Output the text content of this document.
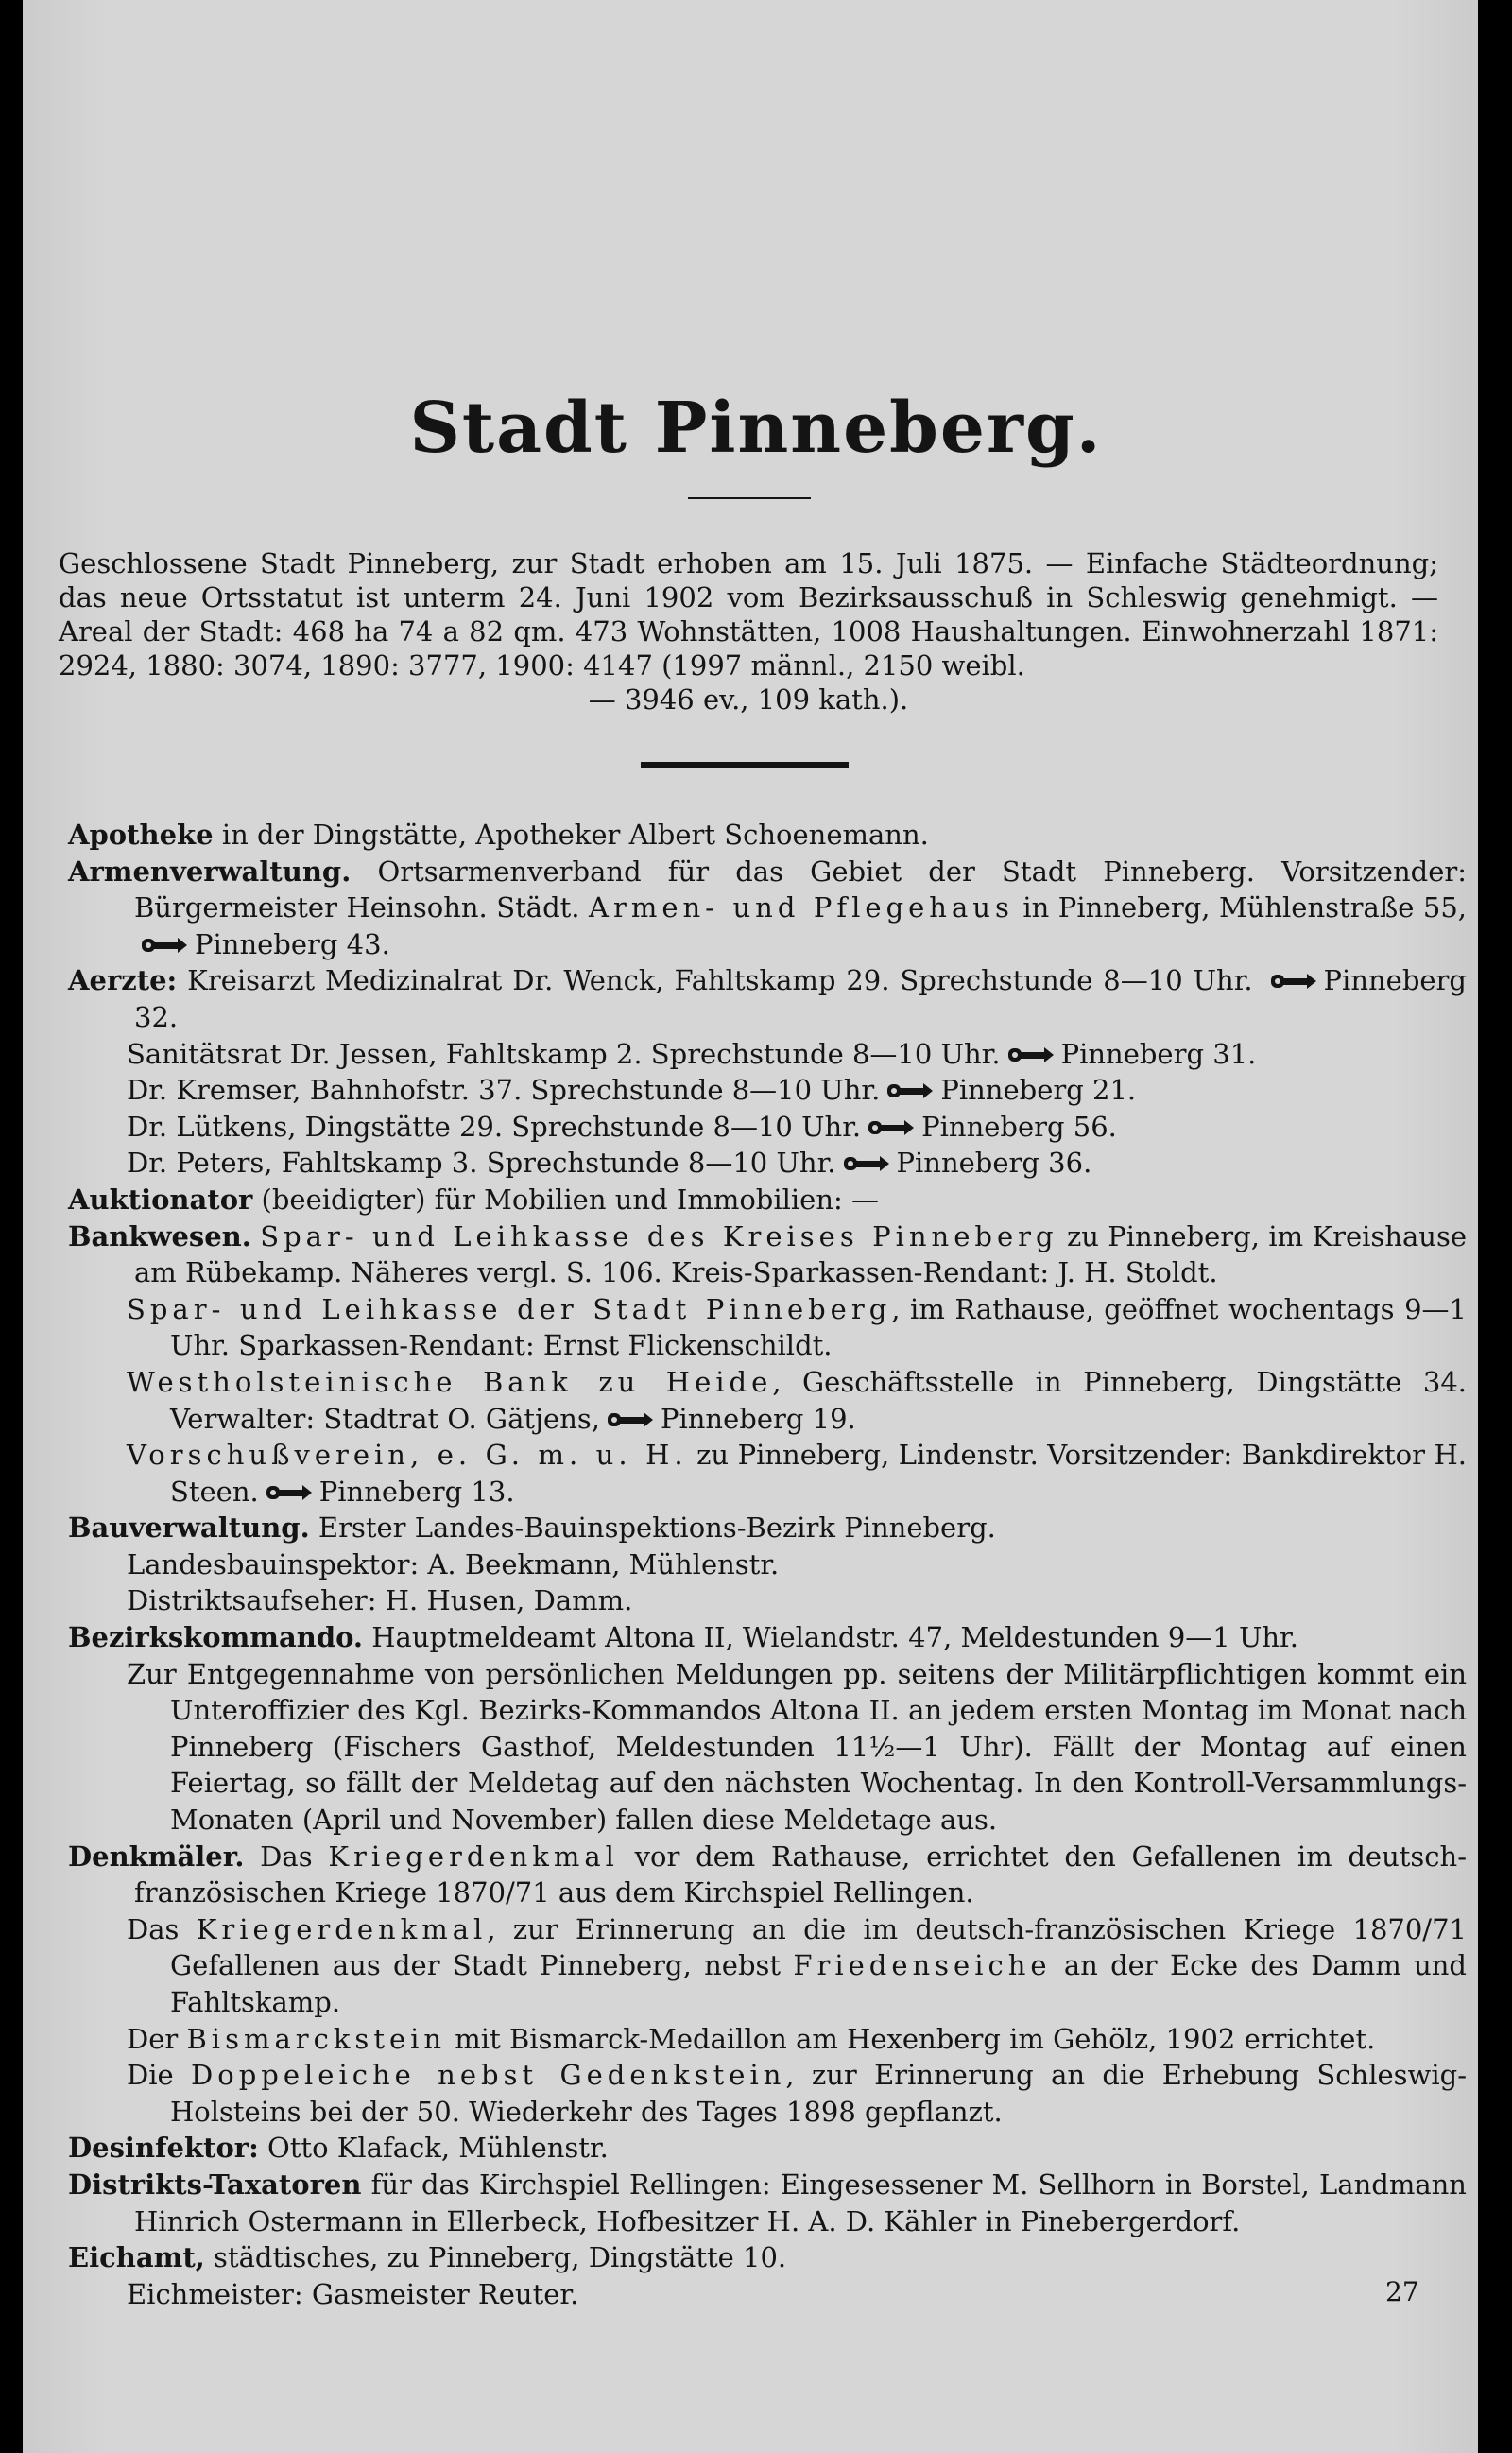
Stadt Pinneberg.
Geschlossene Stadt Pinneberg, zur Stadt erhoben am 15. Juli 1875. — Einfache Städteordnung; das neue Ortsstatut ist unterm 24. Juni 1902 vom Bezirksausschuß in Schleswig genehmigt. — Areal der Stadt: 468 ha 74 a 82 qm. 473 Wohnstätten, 1008 Haushaltungen. Einwohnerzahl 1871: 2924, 1880: 3074, 1890: 3777, 1900: 4147 (1997 männl., 2150 weibl.
— 3946 ev., 109 kath.).

Apotheke in der Dingstätte, Apotheker Albert Schoenemann.

Armenverwaltung. Ortsarmenverband für das Gebiet der Stadt Pinneberg. Vorsitzender: Bürgermeister Heinsohn. Städt. Armen- und Pflegehaus in Pinneberg, Mühlenstraße 55,Pinneberg 43.

Aerzte: Kreisarzt Medizinalrat Dr. Wenck, Fahltskamp 29. Sprechstunde 8—10 Uhr.	Pinneberg 32.

Sanitätsrat Dr. Jessen, Fahltskamp 2. Sprechstunde 8—10 Uhr. Pinneberg 31.

Dr. Kremser, Bahnhofstr. 37. Sprechstunde 8—10 Uhr. Pinneberg 21.

Dr. Lütkens, Dingstätte 29. Sprechstunde 8—10 Uhr. Pinneberg 56.

Dr. Peters, Fahltskamp 3. Sprechstunde 8—10 Uhr. Pinneberg 36.

Auktionator (beeidigter) für Mobilien und Immobilien: —

Bankwesen. Spar- und Leihkasse des Kreises Pinneberg zu Pinneberg, im Kreishause am Rübekamp. Näheres vergl. S. 106. Kreis-Sparkassen-Rendant: J. H. Stoldt.

Spar- und Leihkasse der Stadt Pinneberg, im Rathause, geöffnet wochentags 9—1 Uhr. Sparkassen-Rendant: Ernst Flickenschildt.

Westholsteinische Bank zu Heide, Geschäftsstelle in Pinneberg, Dingstätte 34. Verwalter: Stadtrat O. Gätjens, Pinneberg 19.

Vorschußverein, e. G. m. u. H. zu Pinneberg, Lindenstr. Vorsitzender: Bankdirektor H. Steen. Pinneberg 13.

Bauverwaltung. Erster Landes-Bauinspektions-Bezirk Pinneberg.

Landesbauinspektor: A. Beekmann, Mühlenstr.

Distriktsaufseher: H. Husen, Damm.

Bezirkskommando. Hauptmeldeamt Altona II, Wielandstr. 47, Meldestunden 9—1 Uhr.

Zur Entgegennahme von persönlichen Meldungen pp. seitens der Militärpflichtigen kommt ein Unteroffizier des Kgl. Bezirks-Kommandos Altona II. an jedem ersten Montag im Monat nach Pinneberg (Fischers Gasthof, Meldestunden 11½—1 Uhr). Fällt der Montag auf einen Feiertag, so fällt der Meldetag auf den nächsten Wochentag. In den Kontroll-Versammlungs-Monaten (April und November) fallen diese Meldetage aus.

Denkmäler. Das Kriegerdenkmal vor dem Rathause, errichtet den Gefallenen im deutsch-französischen Kriege 1870/71 aus dem Kirchspiel Rellingen.

Das Kriegerdenkmal, zur Erinnerung an die im deutsch-französischen Kriege 1870/71 Gefallenen aus der Stadt Pinneberg, nebst Friedenseiche an der Ecke des Damm und Fahltskamp.

Der Bismarckstein mit Bismarck-Medaillon am Hexenberg im Gehölz, 1902 errichtet.

Die Doppeleiche nebst Gedenkstein, zur Erinnerung an die Erhebung Schleswig-Holsteins bei der 50. Wiederkehr des Tages 1898 gepflanzt.

Desinfektor: Otto Klafack, Mühlenstr.

Distrikts-Taxatoren für das Kirchspiel Rellingen: Eingesessener M. Sellhorn in Borstel, Landmann Hinrich Ostermann in Ellerbeck, Hofbesitzer H. A. D. Kähler in Pinebergerdorf.

Eichamt, städtisches, zu Pinneberg, Dingstätte 10.

Eichmeister: Gasmeister Reuter.	27
